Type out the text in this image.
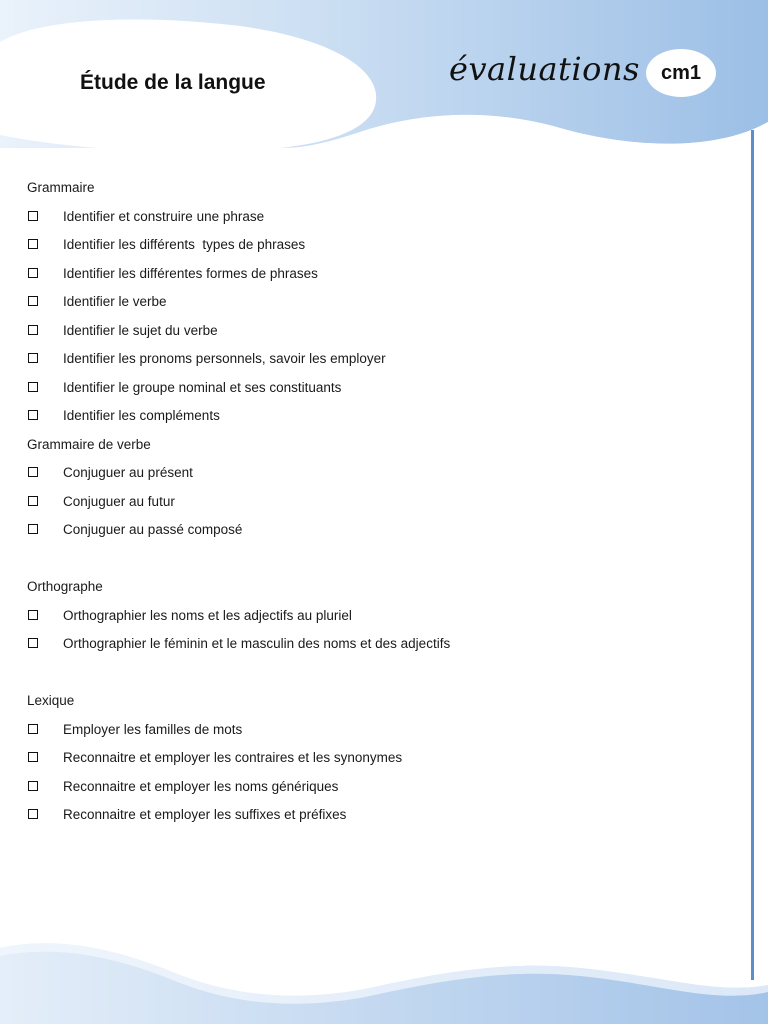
Étude de la langue	évaluations cm1
Grammaire
Identifier et construire une phrase
Identifier les différents  types de phrases
Identifier les différentes formes de phrases
Identifier le verbe
Identifier le sujet du verbe
Identifier les pronoms personnels, savoir les employer
Identifier le groupe nominal et ses constituants
Identifier les compléments
Grammaire de verbe
Conjuguer au présent
Conjuguer au futur
Conjuguer au passé composé
Orthographe
Orthographier les noms et les adjectifs au pluriel
Orthographier le féminin et le masculin des noms et des adjectifs
Lexique
Employer les familles de mots
Reconnaitre et employer les contraires et les synonymes
Reconnaitre et employer les noms génériques
Reconnaitre et employer les suffixes et préfixes
